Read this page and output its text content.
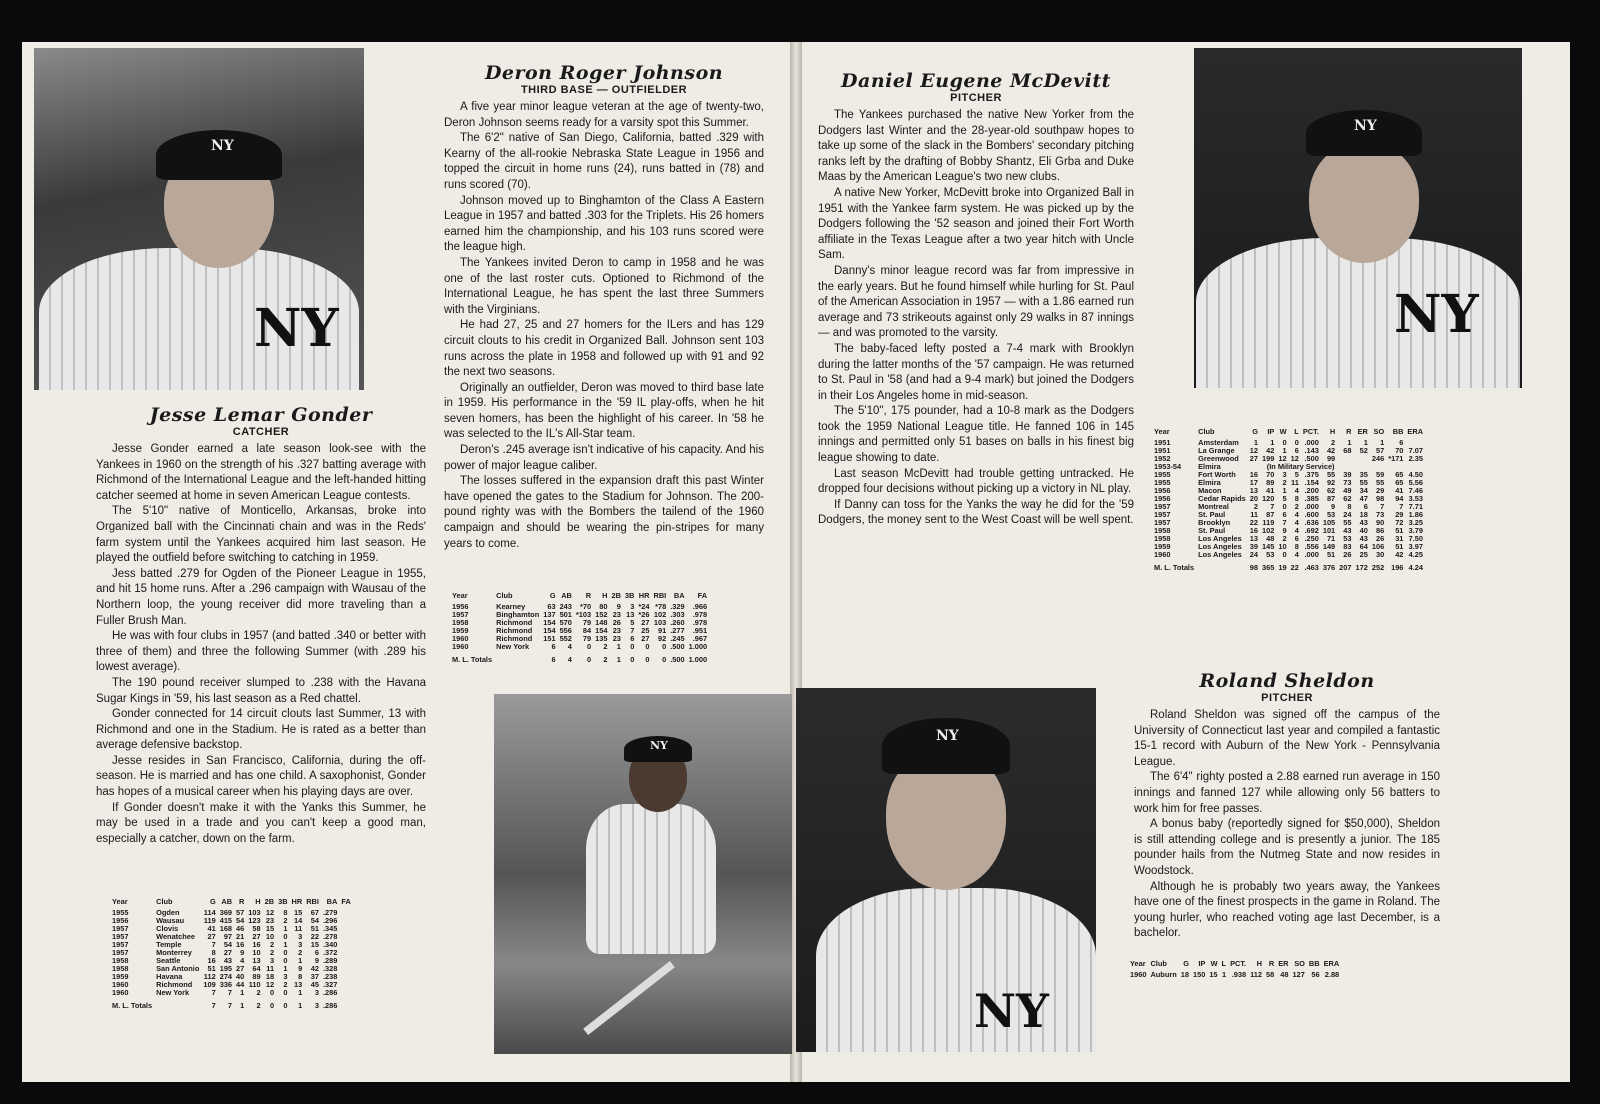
NY
NY
NY
NY
NY
NY
NY
Jesse Lemar Gonder
CATCHER

Jesse Gonder earned a late season look-see with the Yankees in 1960 on the strength of his .327 batting average with Richmond of the International League and the left-handed hitting catcher seemed at home in seven American League contests.

The 5'10" native of Monticello, Arkansas, broke into Organized ball with the Cincinnati chain and was in the Reds' farm system until the Yankees acquired him last season. He played the outfield before switching to catching in 1959.

Jess batted .279 for Ogden of the Pioneer League in 1955, and hit 15 home runs. After a .296 campaign with Wausau of the Northern loop, the young receiver did more traveling than a Fuller Brush Man.

He was with four clubs in 1957 (and batted .340 or better with three of them) and three the following Summer (with .289 his lowest average).

The 190 pound receiver slumped to .238 with the Havana Sugar Kings in '59, his last season as a Red chattel.

Gonder connected for 14 circuit clouts last Summer, 13 with Richmond and one in the Stadium. He is rated as a better than average defensive backstop.

Jesse resides in San Francisco, California, during the off-season. He is married and has one child. A saxophonist, Gonder has hopes of a musical career when his playing days are over.

If Gonder doesn't make it with the Yanks this Summer, he may be used in a trade and you can't keep a good man, especially a catcher, down on the farm.

Year	Club	G	AB	R	H	2B	3B	HR	RBI	BA	FA
1955	Ogden	114	369	57	103	12	8	15	67	.279	
1956	Wausau	119	415	54	123	23	2	14	54	.296	
1957	Clovis	41	168	46	58	15	1	11	51	.345	
1957	Wenatchee	27	97	21	27	10	0	3	22	.278	
1957	Temple	7	54	16	16	2	1	3	15	.340	
1957	Monterrey	8	27	9	10	2	0	2	6	.372	
1958	Seattle	16	43	4	13	3	0	1	9	.289	
1958	San Antonio	51	195	27	64	11	1	9	42	.328	
1959	Havana	112	274	40	89	18	3	8	37	.238	
1960	Richmond	109	336	44	110	12	2	13	45	.327	
1960	New York	7	7	1	2	0	0	1	3	.286	
M. L. Totals		7	7	1	2	0	0	1	3	.286	
Deron Roger Johnson
THIRD BASE — OUTFIELDER

A five year minor league veteran at the age of twenty-two, Deron Johnson seems ready for a varsity spot this Summer.

The 6'2" native of San Diego, California, batted .329 with Kearny of the all-rookie Nebraska State League in 1956 and topped the circuit in home runs (24), runs batted in (78) and runs scored (70).

Johnson moved up to Binghamton of the Class A Eastern League in 1957 and batted .303 for the Triplets. His 26 homers earned him the championship, and his 103 runs scored were the league high.

The Yankees invited Deron to camp in 1958 and he was one of the last roster cuts. Optioned to Richmond of the International League, he has spent the last three Summers with the Virginians.

He had 27, 25 and 27 homers for the ILers and has 129 circuit clouts to his credit in Organized Ball. Johnson sent 103 runs across the plate in 1958 and followed up with 91 and 92 the next two seasons.

Originally an outfielder, Deron was moved to third base late in 1959. His performance in the '59 IL play-offs, when he hit seven homers, has been the highlight of his career. In '58 he was selected to the IL's All-Star team.

Deron's .245 average isn't indicative of his capacity. And his power of major league caliber.

The losses suffered in the expansion draft this past Winter have opened the gates to the Stadium for Johnson. The 200-pound righty was with the Bombers the tailend of the 1960 campaign and should be wearing the pin-stripes for many years to come.

Year	Club	G	AB	R	H	2B	3B	HR	RBI	BA	FA
1956	Kearney	63	243	*70	80	9	3	*24	*78	.329	.966
1957	Binghamton	137	501	*103	152	23	13	*26	102	.303	.978
1958	Richmond	154	570	79	148	26	5	27	103	.260	.978
1959	Richmond	154	556	84	154	23	7	25	91	.277	.951
1960	Richmond	151	552	79	135	23	6	27	92	.245	.967
1960	New York	6	4	0	2	1	0	0	0	.500	1.000
M. L. Totals		6	4	0	2	1	0	0	0	.500	1.000
Daniel Eugene McDevitt
PITCHER

The Yankees purchased the native New Yorker from the Dodgers last Winter and the 28-year-old southpaw hopes to take up some of the slack in the Bombers' secondary pitching ranks left by the drafting of Bobby Shantz, Eli Grba and Duke Maas by the American League's two new clubs.

A native New Yorker, McDevitt broke into Organized Ball in 1951 with the Yankee farm system. He was picked up by the Dodgers following the '52 season and joined their Fort Worth affiliate in the Texas League after a two year hitch with Uncle Sam.

Danny's minor league record was far from impressive in the early years. But he found himself while hurling for St. Paul of the American Association in 1957 — with a 1.86 earned run average and 73 strikeouts against only 29 walks in 87 innings — and was promoted to the varsity.

The baby-faced lefty posted a 7-4 mark with Brooklyn during the latter months of the '57 campaign. He was returned to St. Paul in '58 (and had a 9-4 mark) but joined the Dodgers in their Los Angeles home in mid-season.

The 5'10", 175 pounder, had a 10-8 mark as the Dodgers took the 1959 National League title. He fanned 106 in 145 innings and permitted only 51 bases on balls in his finest big league showing to date.

Last season McDevitt had trouble getting untracked. He dropped four decisions without picking up a victory in NL play.

If Danny can toss for the Yanks the way he did for the '59 Dodgers, the money sent to the West Coast will be well spent.

Year	Club	G	IP	W	L	PCT.	H	R	ER	SO	BB	ERA
1951	Amsterdam	1	1	0	0	.000	2	1	1	1	6	
1951	La Grange	12	42	1	6	.143	42	68	52	57	70	7.07
1952	Greenwood	27	199	12	12	.500	99			246	*171	2.35
1953-54	Elmira	(In Military Service)										
1955	Fort Worth	16	70	3	5	.375	55	39	35	59	65	4.50
1955	Elmira	17	89	2	11	.154	92	73	55	55	65	5.56
1956	Macon	13	41	1	4	.200	62	49	34	29	41	7.46
1956	Cedar Rapids	20	120	5	8	.385	87	62	47	98	94	3.53
1957	Montreal	2	7	0	2	.000	9	8	6	7	7	7.71
1957	St. Paul	11	87	6	4	.600	53	24	18	73	29	1.86
1957	Brooklyn	22	119	7	4	.636	105	55	43	90	72	3.25
1958	St. Paul	16	102	9	4	.692	101	43	40	86	51	3.79
1958	Los Angeles	13	48	2	6	.250	71	53	43	26	31	7.50
1959	Los Angeles	39	145	10	8	.556	149	83	64	106	51	3.97
1960	Los Angeles	24	53	0	4	.000	51	26	25	30	42	4.25
M. L. Totals		98	365	19	22	.463	376	207	172	252	196	4.24
Roland Sheldon
PITCHER

Roland Sheldon was signed off the campus of the University of Connecticut last year and compiled a fantastic 15-1 record with Auburn of the New York - Pennsylvania League.

The 6'4" righty posted a 2.88 earned run average in 150 innings and fanned 127 while allowing only 56 batters to work him for free passes.

A bonus baby (reportedly signed for $50,000), Sheldon is still attending college and is presently a junior. The 185 pounder hails from the Nutmeg State and now resides in Woodstock.

Although he is probably two years away, the Yankees have one of the finest prospects in the game in Roland. The young hurler, who reached voting age last December, is a bachelor.

Year	Club	G	IP	W	L	PCT.	H	R	ER	SO	BB	ERA
1960	Auburn	18	150	15	1	.938	112	58	48	127	56	2.88
